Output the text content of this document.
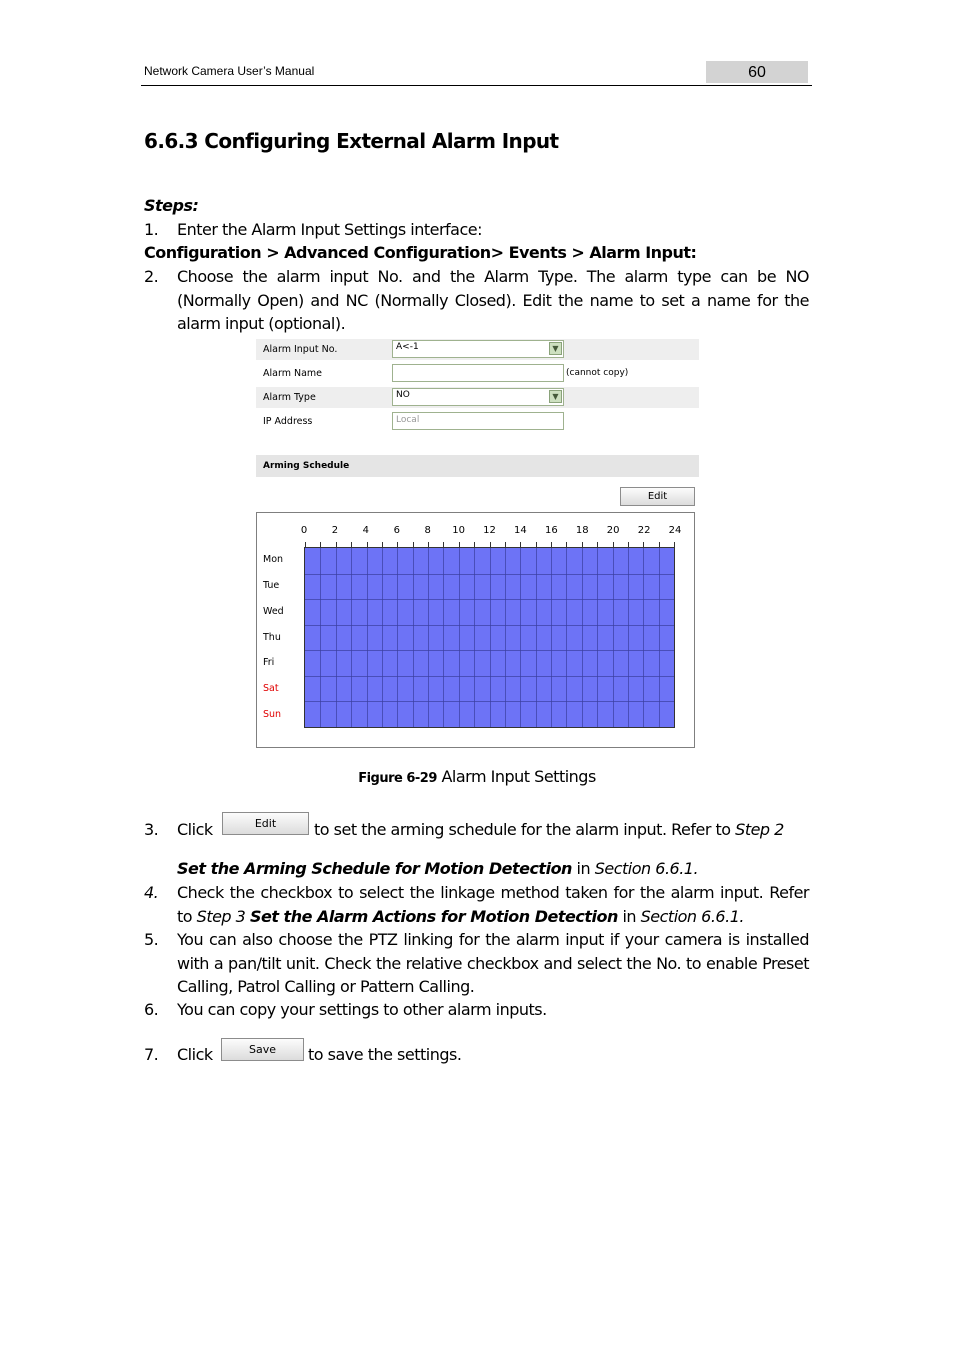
Network Camera User’s Manual	60
6.6.3 Configuring External Alarm Input
Steps:
1. Enter the Alarm Input Settings interface:
Configuration > Advanced Configuration> Events > Alarm Input:
2. Choose the alarm input No. and the Alarm Type. The alarm type can be NO (Normally Open) and NC (Normally Closed). Edit the name to set a name for the alarm input (optional).
Alarm Input No.	A<-1	▼
Alarm Name	(cannot copy)
Alarm Type	NO	▼
IP Address	Local
Arming Schedule
Edit
0	2	4	6	8	10	12	14	16	18	20	22	24
Mon
Tue
Wed
Thu
Fri
Sat
Sun
Figure 6-29 Alarm Input Settings
3. Click	Edit	to set the arming schedule for the alarm input. Refer to Step 2
Set the Arming Schedule for Motion Detection in Section 6.6.1.
4. Check the checkbox to select the linkage method taken for the alarm input. Refer to Step 3 Set the Alarm Actions for Motion Detection in Section 6.6.1.
5. You can also choose the PTZ linking for the alarm input if your camera is installed with a pan/tilt unit. Check the relative checkbox and select the No. to enable Preset Calling, Patrol Calling or Pattern Calling.
6. You can copy your settings to other alarm inputs.
7. Click	Save	to save the settings.
